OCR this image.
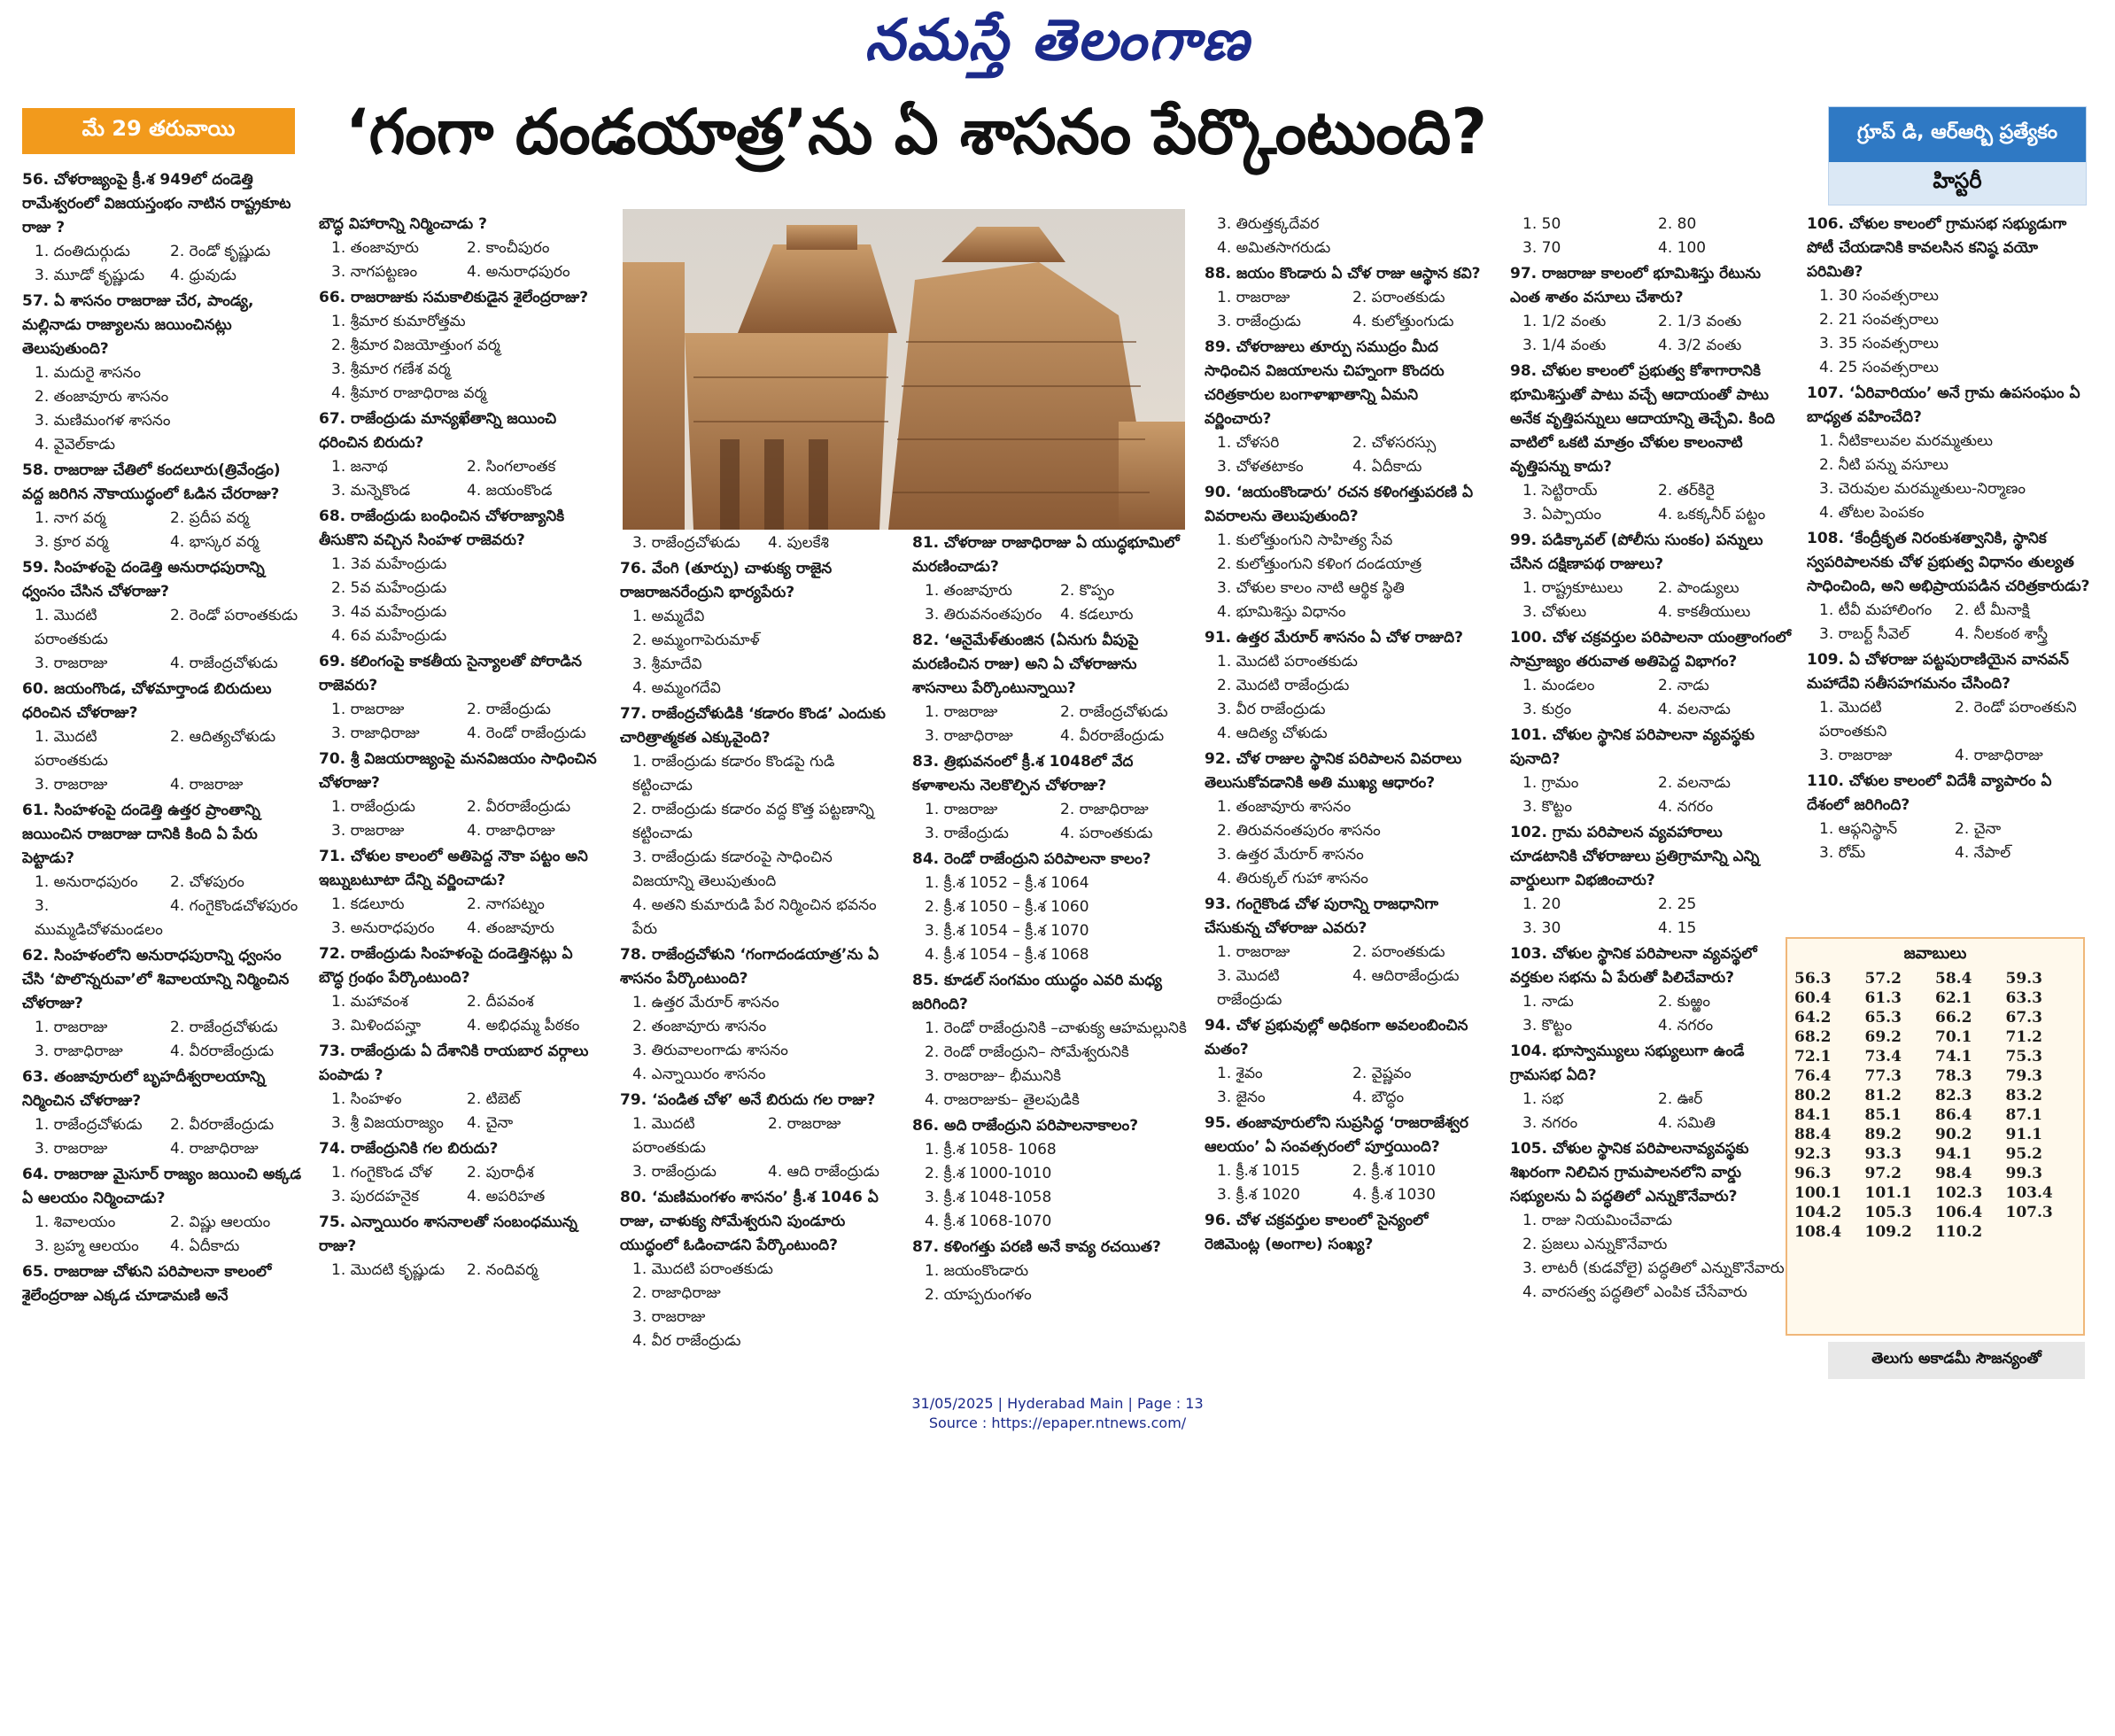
నమస్తే తెలంగాణ
మే 29 తరువాయి	‘గంగా దండయాత్ర’ను ఏ శాసనం పేర్కొంటుంది?	గ్రూప్ డి, ఆర్ఆర్బి ప్రత్యేకం
హిస్టరీ
56. చోళరాజ్యంపై క్రీ.శ 949లో దండెత్తి రామేశ్వరంలో విజయస్తంభం నాటిన రాష్ట్రకూట రాజు ?
1. దంతిదుర్గుడు	2. రెండో కృష్ణుడు
3. మూడో కృష్ణుడు	4. ధ్రువుడు
57. ఏ శాసనం రాజరాజు చేర, పాండ్య, మల్లినాడు రాజ్యాలను జయించినట్లు తెలుపుతుంది?
1. మదురై శాసనం
2. తంజావూరు శాసనం
3. మణిమంగళ శాసనం
4. వైవెల్‌కాడు
58. రాజరాజు చేతిలో కందలూరు(త్రివేండ్రం) వద్ద జరిగిన నౌకాయుద్ధంలో ఓడిన చేరరాజు?
1. నాగ వర్మ	2. ప్రదీప వర్మ
3. క్రూర వర్మ	4. భాస్కర వర్మ
59. సింహళంపై దండెత్తి అనురాధపురాన్ని ధ్వంసం చేసిన చోళరాజు?
1. మొదటి పరాంతకుడు
2. రెండో పరాంతకుడు
3. రాజరాజు	4. రాజేంద్రచోళుడు
60. జయంగొండ, చోళమార్తాండ బిరుదులు ధరించిన చోళరాజు?
1. మొదటి పరాంతకుడు
2. ఆదిత్యచోళుడు
3. రాజరాజు	4. రాజరాజు
61. సింహళంపై దండెత్తి ఉత్తర ప్రాంతాన్ని జయించిన రాజరాజు దానికి కింది ఏ పేరు పెట్టాడు?
1. అనురాధపురం	2. చోళపురం
3. ముమ్మడిచోళమండలం
4. గంగైకొండచోళపురం
62. సింహళంలోని అనురాధపురాన్ని ధ్వంసం చేసి ‘పొలొన్నరువా’లో శివాలయాన్ని నిర్మించిన చోళరాజు?
1. రాజరాజు	2. రాజేంద్రచోళుడు
3. రాజాధిరాజు	4. వీరరాజేంద్రుడు
63. తంజావూరులో బృహదీశ్వరాలయాన్ని నిర్మించిన చోళరాజు?
1. రాజేంద్రచోళుడు	2. వీరరాజేంద్రుడు
3. రాజరాజు	4. రాజాధిరాజు
64. రాజరాజు మైసూర్ రాజ్యం జయించి అక్కడ ఏ ఆలయం నిర్మించాడు?
1. శివాలయం	2. విష్ణు ఆలయం
3. బ్రహ్మ ఆలయం	4. ఏదీకాదు
65. రాజరాజు చోళుని పరిపాలనా కాలంలో శైలేంద్రరాజు ఎక్కడ చూడామణి అనే
బౌద్ధ విహారాన్ని నిర్మించాడు ?
1. తంజావూరు	2. కాంచీపురం
3. నాగపట్టణం	4. అనురాధపురం
66. రాజరాజుకు సమకాలికుడైన శైలేంద్రరాజు?
1. శ్రీమార కుమారోత్తమ
2. శ్రీమార విజయోత్తుంగ వర్మ
3. శ్రీమార గణేశ వర్మ
4. శ్రీమార రాజాధిరాజ వర్మ
67. రాజేంద్రుడు మాన్యఖేతాన్ని జయించి ధరించిన బిరుదు?
1. జనాథ	2. సింగలాంతక
3. మన్నెకొండ	4. జయంకొండ
68. రాజేంద్రుడు బంధించిన చోళరాజ్యానికి తీసుకొని వచ్చిన సింహళ రాజెవరు?
1. 3వ మహేంద్రుడు
2. 5వ మహేంద్రుడు
3. 4వ మహేంద్రుడు
4. 6వ మహేంద్రుడు
69. కలింగంపై కాకతీయ సైన్యాలతో పోరాడిన రాజెవరు?
1. రాజరాజు	2. రాజేంద్రుడు
3. రాజాధిరాజు	4. రెండో రాజేంద్రుడు
70. శ్రీ విజయరాజ్యంపై మనవిజయం సాధించిన చోళరాజు?
1. రాజేంద్రుడు	2. వీరరాజేంద్రుడు
3. రాజరాజు	4. రాజాధిరాజు
71. చోళుల కాలంలో అతిపెద్ద నౌకా పట్టం అని ఇబ్నుబటూటా దేన్ని వర్ణించాడు?
1. కడలూరు	2. నాగపట్నం
3. అనురాధపురం	4. తంజావూరు
72. రాజేంద్రుడు సింహళంపై దండెత్తినట్లు ఏ బౌద్ధ గ్రంథం పేర్కొంటుంది?
1. మహావంశ	2. దీపవంశ
3. మిళిందపన్హా	4. అభిధమ్మ పీఠకం
73. రాజేంద్రుడు ఏ దేశానికి రాయబార వర్గాలు పంపాడు ?
1. సింహళం	2. టిబెట్
3. శ్రీ విజయరాజ్యం	4. చైనా
74. రాజేంద్రునికి గల బిరుదు?
1. గంగైకొండ చోళ	2. పురాధీశ
3. పురదహనైక	4. అపరిహత
75. ఎన్నాయిరం శాసనాలతో సంబంధమున్న రాజు?
1. మొదటి కృష్ణుడు	2. నందివర్మ
3. రాజేంద్రచోళుడు	4. పులకేశి
76. వేంగి (తూర్పు) చాళుక్య రాజైన రాజరాజనరేంద్రుని భార్యపేరు?
1. అమ్మదేవి
2. అమ్మంగాపెరుమాళ్
3. శ్రీమాదేవి
4. అమ్మంగదేవి
77. రాజేంద్రచోళుడికి ‘కడారం కొండ’ ఎందుకు చారిత్రాత్మకత ఎక్కువైంది?
1. రాజేంద్రుడు కడారం కొండపై గుడి కట్టించాడు
2. రాజేంద్రుడు కడారం వద్ద కొత్త పట్టణాన్ని కట్టించాడు
3. రాజేంద్రుడు కడారంపై సాధించిన విజయాన్ని తెలుపుతుంది
4. అతని కుమారుడి పేర నిర్మించిన భవనం పేరు
78. రాజేంద్రచోళుని ‘గంగాదండయాత్ర’ను ఏ శాసనం పేర్కొంటుంది?
1. ఉత్తర మేరూర్ శాసనం
2. తంజావూరు శాసనం
3. తిరువాలంగాడు శాసనం
4. ఎన్నాయిరం శాసనం
79. ‘పండిత చోళ’ అనే బిరుదు గల రాజు?
1. మొదటి పరాంతకుడు
2. రాజరాజు
3. రాజేంద్రుడు	4. ఆది రాజేంద్రుడు
80. ‘మణిమంగళం శాసనం’ క్రీ.శ 1046 ఏ రాజు, చాళుక్య సోమేశ్వరుని పుండూరు యుద్ధంలో ఓడించాడని పేర్కొంటుంది?
1. మొదటి పరాంతకుడు
2. రాజాధిరాజు
3. రాజరాజు
4. వీర రాజేంద్రుడు
81. చోళరాజు రాజాధిరాజు ఏ యుద్ధభూమిలో మరణించాడు?
1. తంజావూరు	2. కొప్పం
3. తిరువనంతపురం	4. కడలూరు
82. ‘ఆనైమేళ్‌తుంజిన (ఏనుగు వీపుపై మరణించిన రాజు) అని ఏ చోళరాజును శాసనాలు పేర్కొంటున్నాయి?
1. రాజరాజు	2. రాజేంద్రచోళుడు
3. రాజాధిరాజు	4. వీరరాజేంద్రుడు
83. త్రిభువనంలో క్రీ.శ 1048లో వేద కళాశాలను నెలకొల్పిన చోళరాజు?
1. రాజరాజు	2. రాజాధిరాజు
3. రాజేంద్రుడు	4. పరాంతకుడు
84. రెండో రాజేంద్రుని పరిపాలనా కాలం?
1. క్రీ.శ 1052 – క్రీ.శ 1064
2. క్రీ.శ 1050 – క్రీ.శ 1060
3. క్రీ.శ 1054 – క్రీ.శ 1070
4. క్రీ.శ 1054 – క్రీ.శ 1068
85. కూడల్ సంగమం యుద్ధం ఎవరి మధ్య జరిగింది?
1. రెండో రాజేంద్రునికి –చాళుక్య ఆహమల్లునికి
2. రెండో రాజేంద్రుని– సోమేశ్వరునికి
3. రాజరాజు– భీమునికి
4. రాజరాజుకు– తైలపుడికి
86. అది రాజేంద్రుని పరిపాలనాకాలం?
1. క్రీ.శ 1058- 1068
2. క్రీ.శ 1000-1010
3. క్రీ.శ 1048-1058
4. క్రీ.శ 1068-1070
87. కళింగత్తు పరణి అనే కావ్య రచయిత?
1. జయంకొండారు
2. యాప్పరుంగళం
3. తిరుత్తక్కదేవర
4. అమితసాగరుడు
88. జయం కొండారు ఏ చోళ రాజు ఆస్థాన కవి?
1. రాజరాజు	2. పరాంతకుడు
3. రాజేంద్రుడు	4. కులోత్తుంగుడు
89. చోళరాజులు తూర్పు సముద్రం మీద సాధించిన విజయాలను చిహ్నంగా కొందరు చరిత్రకారుల బంగాళాఖాతాన్ని ఏమని వర్ణించారు?
1. చోళసరి	2. చోళసరస్సు
3. చోళతటాకం	4. ఏదీకాదు
90. ‘జయంకొండారు’ రచన కళింగత్తుపరణి ఏ వివరాలను తెలుపుతుంది?
1. కులోత్తుంగుని సాహిత్య సేవ
2. కులోత్తుంగుని కళింగ దండయాత్ర
3. చోళుల కాలం నాటి ఆర్థిక స్థితి
4. భూమిశిస్తు విధానం
91. ఉత్తర మేరూర్ శాసనం ఏ చోళ రాజుది?
1. మొదటి పరాంతకుడు
2. మొదటి రాజేంద్రుడు
3. వీర రాజేంద్రుడు
4. ఆదిత్య చోళుడు
92. చోళ రాజుల స్థానిక పరిపాలన వివరాలు తెలుసుకోవడానికి అతి ముఖ్య ఆధారం?
1. తంజావూరు శాసనం
2. తిరువనంతపురం శాసనం
3. ఉత్తర మేరూర్ శాసనం
4. తిరుక్కల్ గుహా శాసనం
93. గంగైకొండ చోళ పురాన్ని రాజధానిగా చేసుకున్న చోళరాజు ఎవరు?
1. రాజరాజు	2. పరాంతకుడు
3. మొదటి రాజేంద్రుడు
4. ఆదిరాజేంద్రుడు
94. చోళ ప్రభువుల్లో అధికంగా అవలంబించిన మతం?
1. శైవం	2. వైష్ణవం
3. జైనం	4. బౌద్ధం
95. తంజావూరులోని సుప్రసిద్ధ ‘రాజరాజేశ్వర ఆలయం’ ఏ సంవత్సరంలో పూర్తయింది?
1. క్రీ.శ 1015	2. క్రీ.శ 1010
3. క్రీ.శ 1020	4. క్రీ.శ 1030
96. చోళ చక్రవర్తుల కాలంలో సైన్యంలో రెజిమెంట్ల (అంగాల) సంఖ్య?
1. 50	2. 80
3. 70	4. 100
97. రాజరాజు కాలంలో భూమిశిస్తు రేటును ఎంత శాతం వసూలు చేశారు?
1. 1/2 వంతు	2. 1/3 వంతు
3. 1/4 వంతు	4. 3/2 వంతు
98. చోళుల కాలంలో ప్రభుత్వ కోశాగారానికి భూమిశిస్తుతో పాటు వచ్చే ఆదాయంతో పాటు అనేక వృత్తిపన్నులు ఆదాయాన్ని తెచ్చేవి. కింది వాటిలో ఒకటి మాత్రం చోళుల కాలంనాటి వృత్తిపన్ను కాదు?
1. సెట్టిరాయ్	2. తర్‌కిరై
3. ఏప్పాయం	4. ఒకక్కనీర్ పట్టం
99. పడిక్కావల్ (పోలీసు సుంకం) పన్నులు చేసిన దక్షిణాపథ రాజులు?
1. రాష్ట్రకూటులు	2. పాండ్యులు
3. చోళులు	4. కాకతీయులు
100. చోళ చక్రవర్తుల పరిపాలనా యంత్రాంగంలో సామ్రాజ్యం తరువాత అతిపెద్ద విభాగం?
1. మండలం	2. నాడు
3. కుర్రం	4. వలనాడు
101. చోళుల స్థానిక పరిపాలనా వ్యవస్థకు పునాది?
1. గ్రామం	2. వలనాడు
3. కొట్టం	4. నగరం
102. గ్రామ పరిపాలన వ్యవహారాలు చూడటానికి చోళరాజులు ప్రతిగ్రామాన్ని ఎన్ని వార్డులుగా విభజించారు?
1. 20	2. 25
3. 30	4. 15
103. చోళుల స్థానిక పరిపాలనా వ్యవస్థలో వర్తకుల సభను ఏ పేరుతో పిలిచేవారు?
1. నాడు	2. కుఱ్ఱం
3. కొట్టం	4. నగరం
104. భూస్వామ్యులు సభ్యులుగా ఉండే గ్రామసభ ఏది?
1. సభ	2. ఊర్
3. నగరం	4. సమితి
105. చోళుల స్థానిక పరిపాలనావ్యవస్థకు శిఖరంగా నిలిచిన గ్రామపాలనలోని వార్డు సభ్యులను ఏ పద్ధతిలో ఎన్నుకొనేవారు?
1. రాజు నియమించేవాడు
2. ప్రజలు ఎన్నుకొనేవారు
3. లాటరీ (కుడవోలై) పద్ధతిలో ఎన్నుకొనేవారు
4. వారసత్వ పద్ధతిలో ఎంపిక చేసేవారు
106. చోళుల కాలంలో గ్రామసభ సభ్యుడుగా పోటీ చేయడానికి కావలసిన కనిష్ఠ వయో పరిమితి?
1. 30 సంవత్సరాలు
2. 21 సంవత్సరాలు
3. 35 సంవత్సరాలు
4. 25 సంవత్సరాలు
107. ‘ఏరివారియం’ అనే గ్రామ ఉపసంఘం ఏ బాధ్యత వహించేది?
1. నీటికాలువల మరమ్మతులు
2. నీటి పన్ను వసూలు
3. చెరువుల మరమ్మతులు-నిర్మాణం
4. తోటల పెంపకం
108. ‘కేంద్రీకృత నిరంకుశత్వానికి, స్థానిక స్వపరిపాలనకు చోళ ప్రభుత్వ విధానం తుల్యత సాధించింది, అని అభిప్రాయపడిన చరిత్రకారుడు?
1. టీవీ మహాలింగం	2. టీ మీనాక్షి
3. రాబర్ట్ సీవెల్	4. నీలకంఠ శాస్త్రీ
109. ఏ చోళరాజు పట్టపురాణియైన వానవన్ మహాదేవి సతీసహగమనం చేసింది?
1. మొదటి పరాంతకుని
2. రెండో పరాంతకుని
3. రాజరాజు	4. రాజాధిరాజు
110. చోళుల కాలంలో విదేశీ వ్యాపారం ఏ దేశంలో జరిగింది?
1. ఆఫ్గనిస్థాన్	2. చైనా
3. రోమ్	4. నేపాల్
జవాబులు
56.3	57.2	58.4	59.3
60.4	61.3	62.1	63.3
64.2	65.3	66.2	67.3
68.2	69.2	70.1	71.2
72.1	73.4	74.1	75.3
76.4	77.3	78.3	79.3
80.2	81.2	82.3	83.2
84.1	85.1	86.4	87.1
88.4	89.2	90.2	91.1
92.3	93.3	94.1	95.2
96.3	97.2	98.4	99.3
100.1	101.1	102.3	103.4
104.2	105.3	106.4	107.3
108.4	109.2	110.2
తెలుగు అకాడమీ సౌజన్యంతో
31/05/2025 | Hyderabad Main | Page : 13
Source : https://epaper.ntnews.com/
